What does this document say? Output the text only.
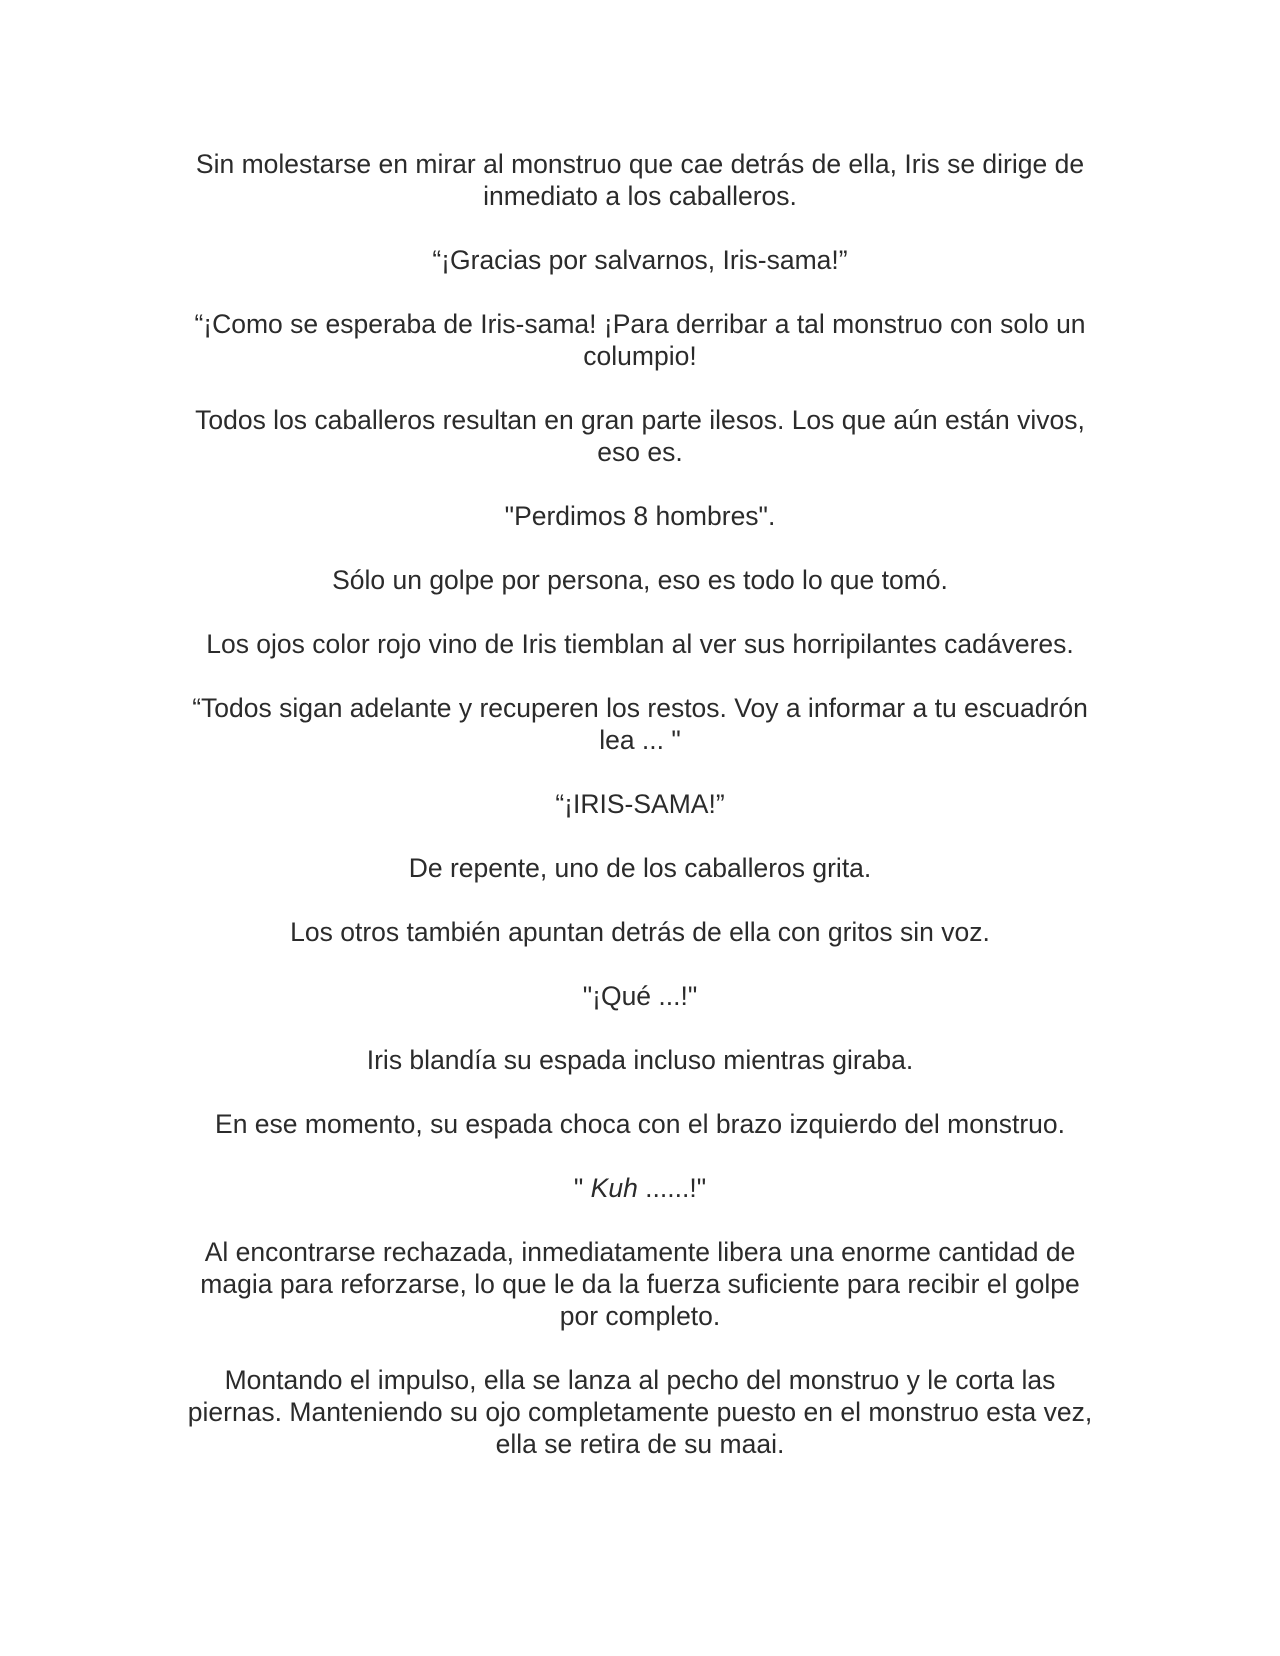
Sin molestarse en mirar al monstruo que cae detrás de ella, Iris se dirige de inmediato a los caballeros.

“¡Gracias por salvarnos, Iris-sama!”

“¡Como se esperaba de Iris-sama! ¡Para derribar a tal monstruo con solo un columpio!

Todos los caballeros resultan en gran parte ilesos. Los que aún están vivos, eso es.

"Perdimos 8 hombres".

Sólo un golpe por persona, eso es todo lo que tomó.

Los ojos color rojo vino de Iris tiemblan al ver sus horripilantes cadáveres.

“Todos sigan adelante y recuperen los restos. Voy a informar a tu escuadrón lea ... "

“¡IRIS-SAMA!”

De repente, uno de los caballeros grita.

Los otros también apuntan detrás de ella con gritos sin voz.

"¡Qué ...!"

Iris blandía su espada incluso mientras giraba.

En ese momento, su espada choca con el brazo izquierdo del monstruo.

" Kuh ......!"

Al encontrarse rechazada, inmediatamente libera una enorme cantidad de magia para reforzarse, lo que le da la fuerza suficiente para recibir el golpe por completo.

Montando el impulso, ella se lanza al pecho del monstruo y le corta las piernas. Manteniendo su ojo completamente puesto en el monstruo esta vez, ella se retira de su maai.
